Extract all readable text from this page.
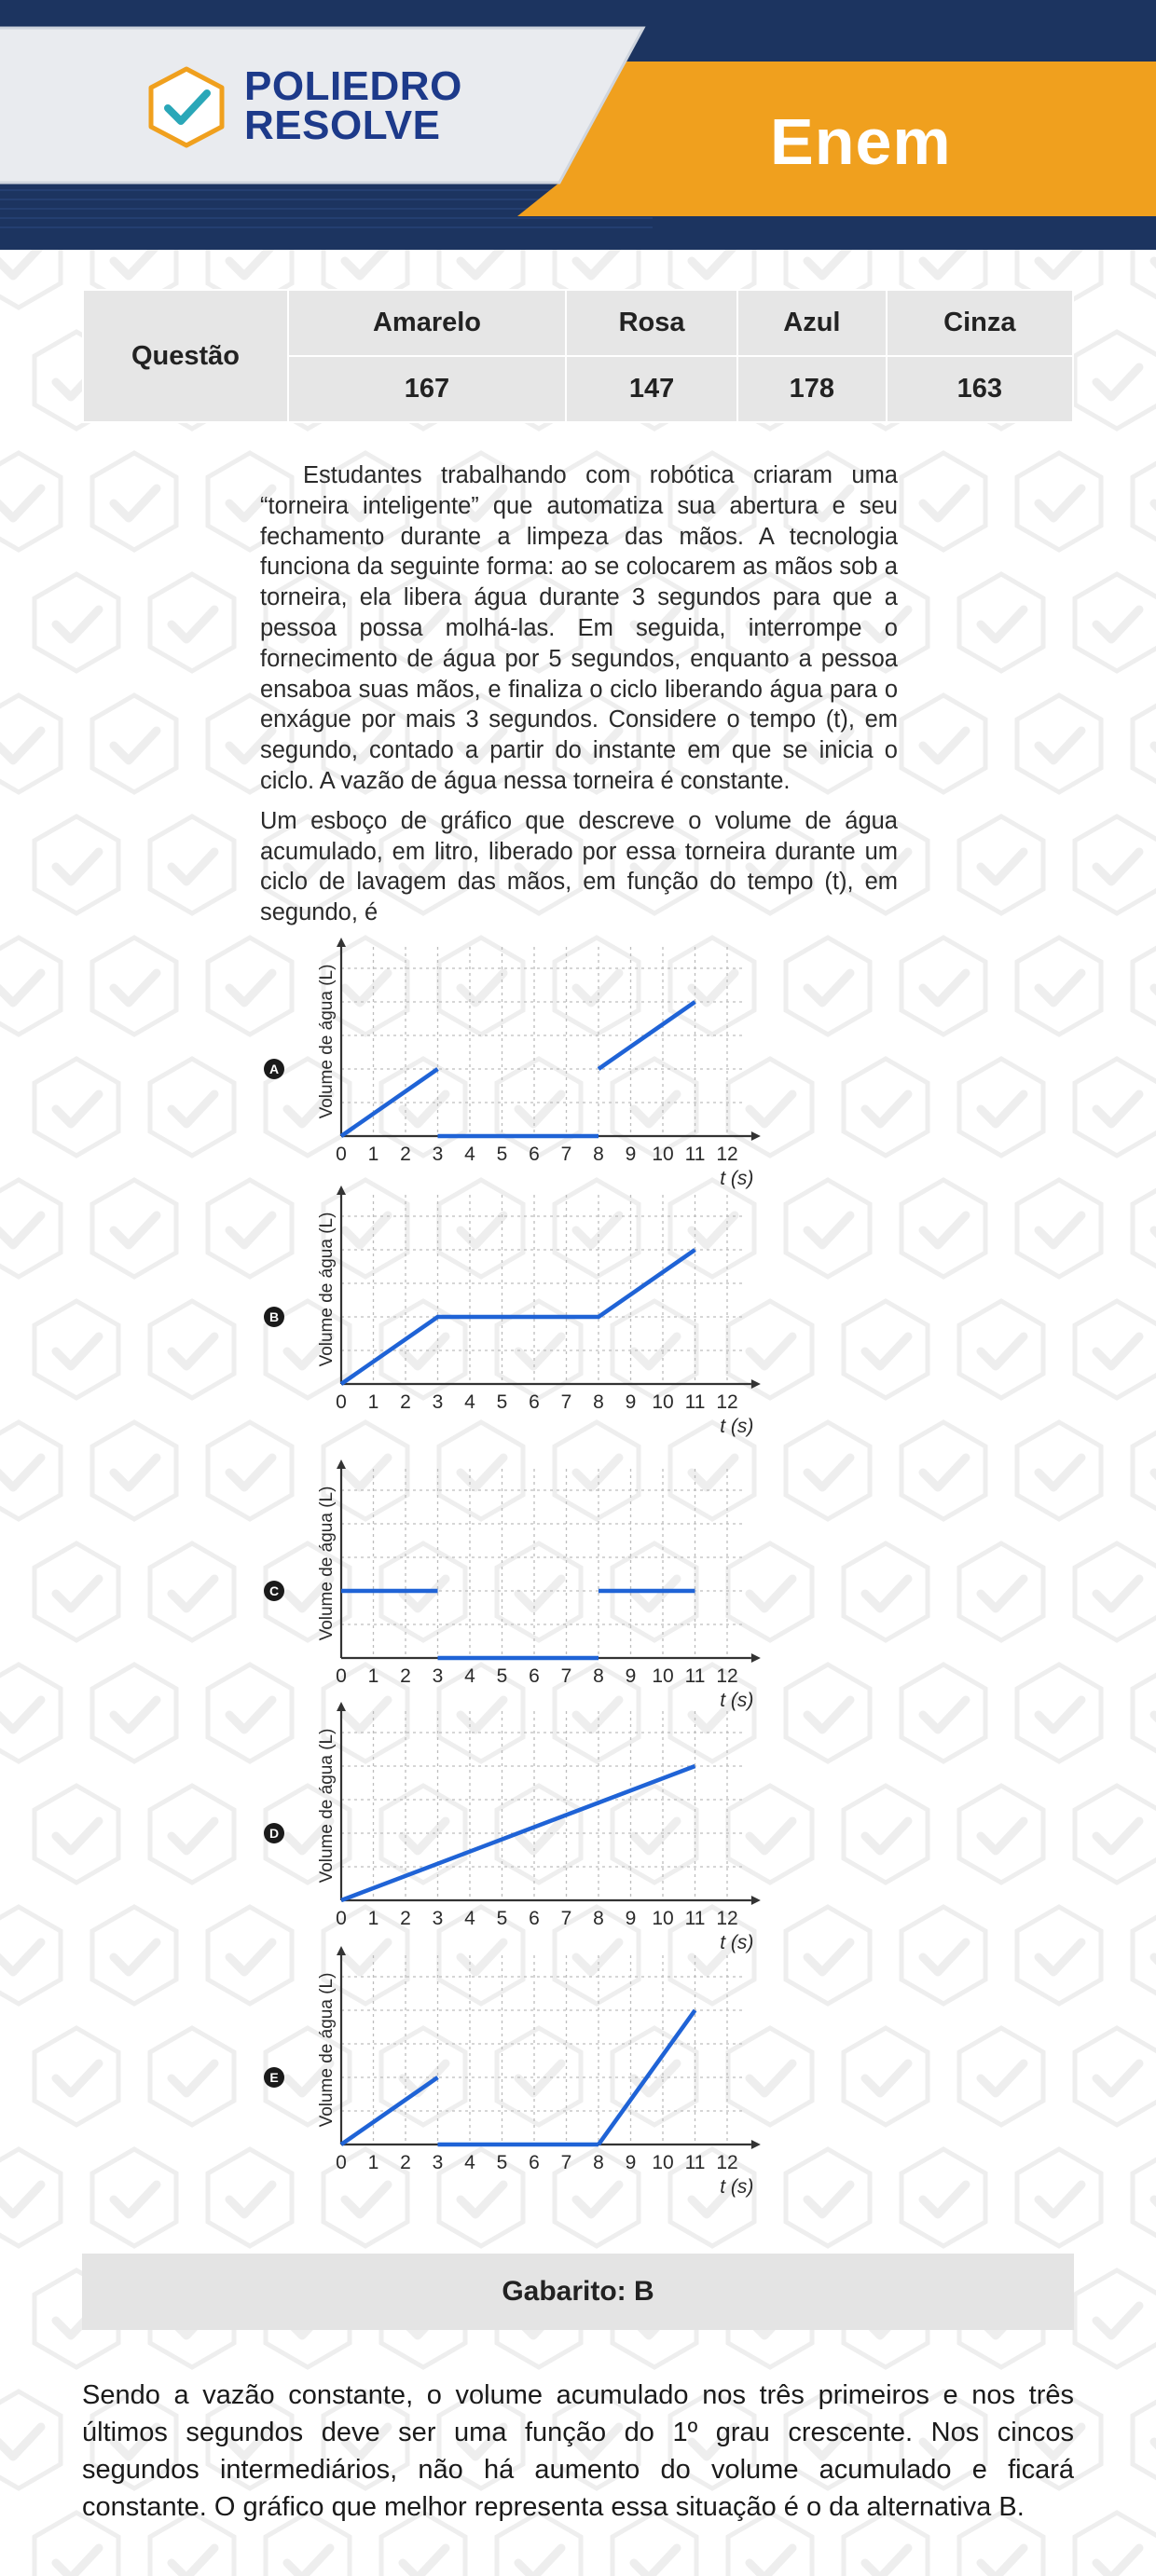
POLIEDRO
RESOLVE	Enem
Questão	Amarelo	Rosa	Azul	Cinza
	167	147	178	163

Estudantes trabalhando com robótica criaram uma “torneira inteligente” que automatiza sua abertura e seu fechamento durante a limpeza das mãos. A tecnologia funciona da seguinte forma: ao se colocarem as mãos sob a torneira, ela libera água durante 3 segundos para que a pessoa possa molhá-las. Em seguida, interrompe o fornecimento de água por 5 segundos, enquanto a pessoa ensaboa suas mãos, e finaliza o ciclo liberando água para o enxágue por mais 3 segundos. Considere o tempo (t), em segundo, contado a partir do instante em que se inicia o ciclo. A vazão de água nessa torneira é constante.

Um esboço de gráfico que descreve o volume de água acumulado, em litro, liberado por essa torneira durante um ciclo de lavagem das mãos, em função do tempo (t), em segundo, é

A
0 1 2 3 4 5 6 7 8 9 10 11 12
t (s)
Volume de água (L)
B
0 1 2 3 4 5 6 7 8 9 10 11 12
t (s)
Volume de água (L)
C
0 1 2 3 4 5 6 7 8 9 10 11 12
t (s)
Volume de água (L)
D
0 1 2 3 4 5 6 7 8 9 10 11 12
t (s)
Volume de água (L)
E
0 1 2 3 4 5 6 7 8 9 10 11 12
t (s)
Volume de água (L)
Gabarito: B
Sendo a vazão constante, o volume acumulado nos três primeiros e nos três últimos segundos deve ser uma função do 1º grau crescente. Nos cincos segundos intermediários, não há aumento do volume acumulado e ficará constante. O gráfico que melhor representa essa situação é o da alternativa B.
